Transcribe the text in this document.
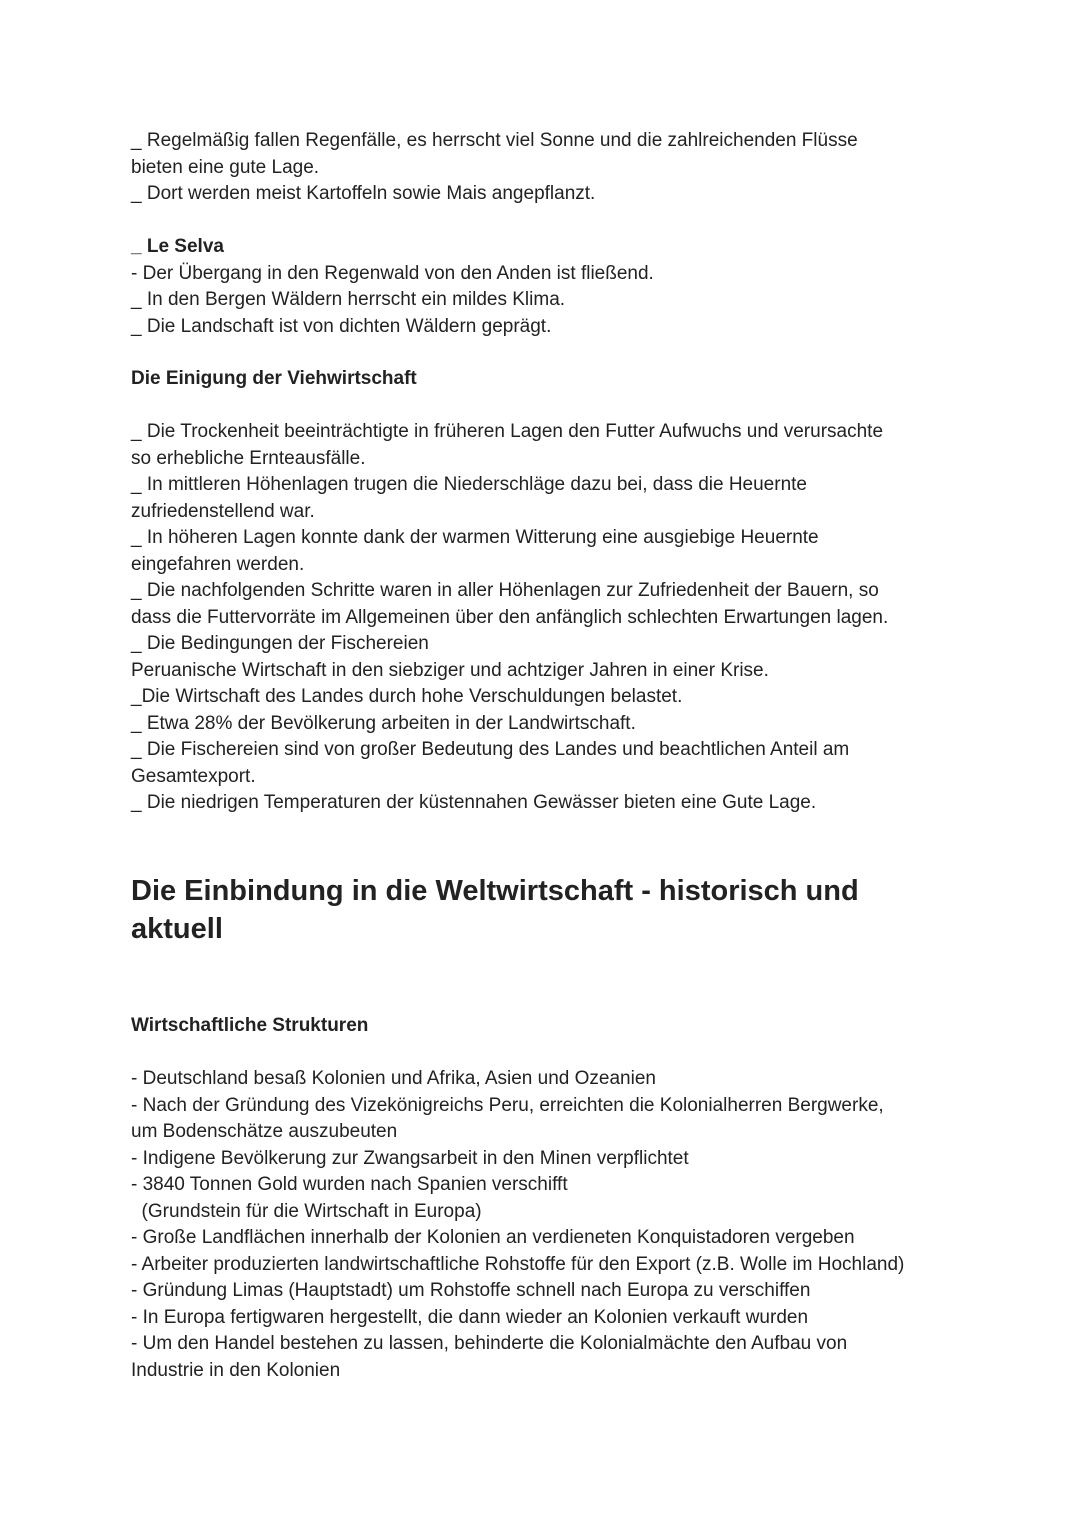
_ Regelmäßig fallen Regenfälle, es herrscht viel Sonne und die zahlreichenden Flüsse

bieten eine gute Lage.

_ Dort werden meist Kartoffeln sowie Mais angepflanzt.

_ Le Selva

- Der Übergang in den Regenwald von den Anden ist fließend.

_ In den Bergen Wäldern herrscht ein mildes Klima.

_ Die Landschaft ist von dichten Wäldern geprägt.

Die Einigung der Viehwirtschaft

_ Die Trockenheit beeinträchtigte in früheren Lagen den Futter Aufwuchs und verursachte

so erhebliche Ernteausfälle.

_ In mittleren Höhenlagen trugen die Niederschläge dazu bei, dass die Heuernte

zufriedenstellend war.

_ In höheren Lagen konnte dank der warmen Witterung eine ausgiebige Heuernte

eingefahren werden.

_ Die nachfolgenden Schritte waren in aller Höhenlagen zur Zufriedenheit der Bauern, so

dass die Futtervorräte im Allgemeinen über den anfänglich schlechten Erwartungen lagen.

_ Die Bedingungen der Fischereien

Peruanische Wirtschaft in den siebziger und achtziger Jahren in einer Krise.

_Die Wirtschaft des Landes durch hohe Verschuldungen belastet.

_ Etwa 28% der Bevölkerung arbeiten in der Landwirtschaft.

_ Die Fischereien sind von großer Bedeutung des Landes und beachtlichen Anteil am

Gesamtexport.

_ Die niedrigen Temperaturen der küstennahen Gewässer bieten eine Gute Lage.

Die Einbindung in die Weltwirtschaft - historisch und

aktuell

Wirtschaftliche Strukturen

- Deutschland besaß Kolonien und Afrika, Asien und Ozeanien

- Nach der Gründung des Vizekönigreichs Peru, erreichten die Kolonialherren Bergwerke,

um Bodenschätze auszubeuten

- Indigene Bevölkerung zur Zwangsarbeit in den Minen verpflichtet

- 3840 Tonnen Gold wurden nach Spanien verschifft

(Grundstein für die Wirtschaft in Europa)

- Große Landflächen innerhalb der Kolonien an verdieneten Konquistadoren vergeben

- Arbeiter produzierten landwirtschaftliche Rohstoffe für den Export (z.B. Wolle im Hochland)

- Gründung Limas (Hauptstadt) um Rohstoffe schnell nach Europa zu verschiffen

- In Europa fertigwaren hergestellt, die dann wieder an Kolonien verkauft wurden

- Um den Handel bestehen zu lassen, behinderte die Kolonialmächte den Aufbau von

Industrie in den Kolonien
